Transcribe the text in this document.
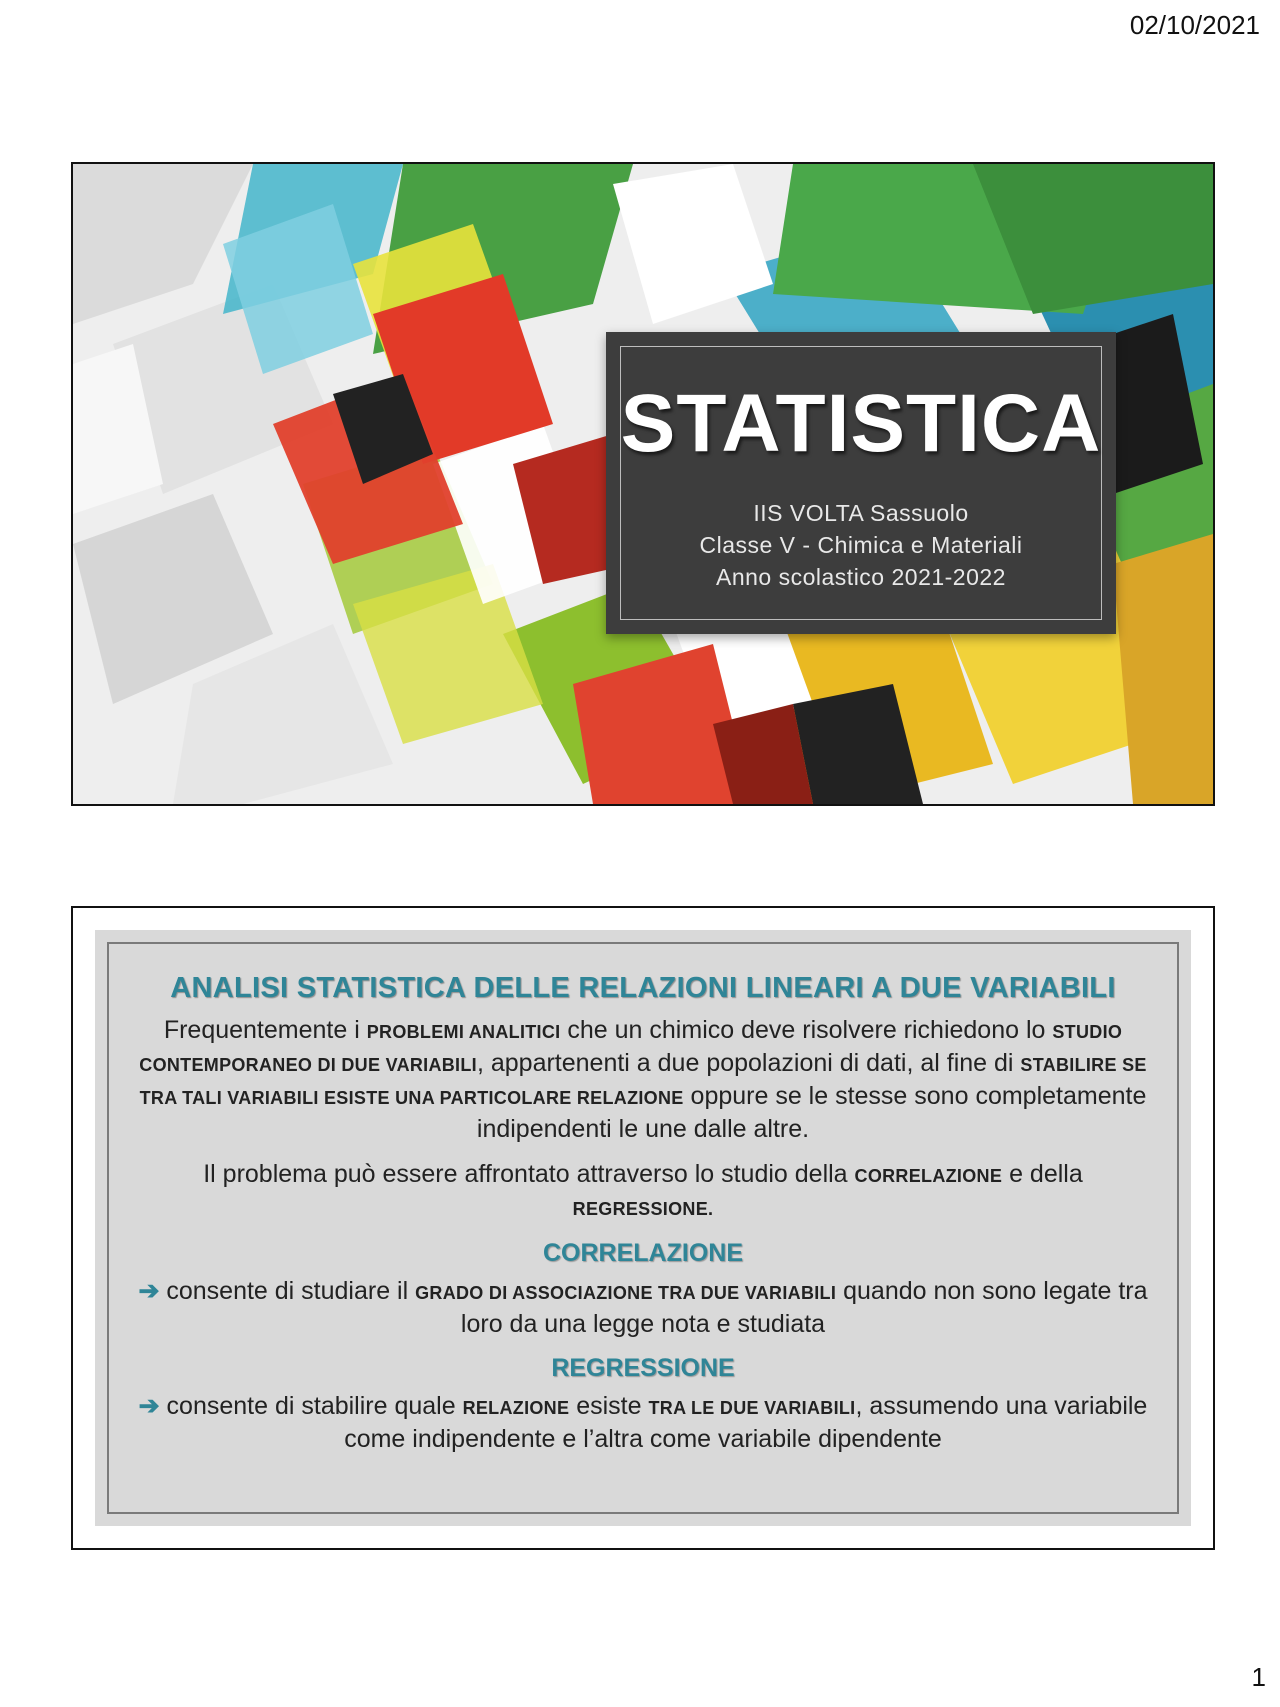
02/10/2021
STATISTICA
IIS VOLTA Sassuolo
Classe V - Chimica e Materiali
Anno scolastico 2021-2022
ANALISI STATISTICA DELLE RELAZIONI LINEARI A DUE VARIABILI

Frequentemente i PROBLEMI ANALITICI che un chimico deve risolvere richiedono lo STUDIO CONTEMPORANEO DI DUE VARIABILI, appartenenti a due popolazioni di dati, al fine di STABILIRE SE TRA TALI VARIABILI ESISTE UNA PARTICOLARE RELAZIONE oppure se le stesse sono completamente indipendenti le une dalle altre.

Il problema può essere affrontato attraverso lo studio della CORRELAZIONE e della REGRESSIONE.

CORRELAZIONE

➔ consente di studiare il GRADO DI ASSOCIAZIONE TRA DUE VARIABILI quando non sono legate tra loro da una legge nota e studiata

REGRESSIONE

➔ consente di stabilire quale RELAZIONE esiste TRA LE DUE VARIABILI, assumendo una variabile come indipendente e l’altra come variabile dipendente

1
